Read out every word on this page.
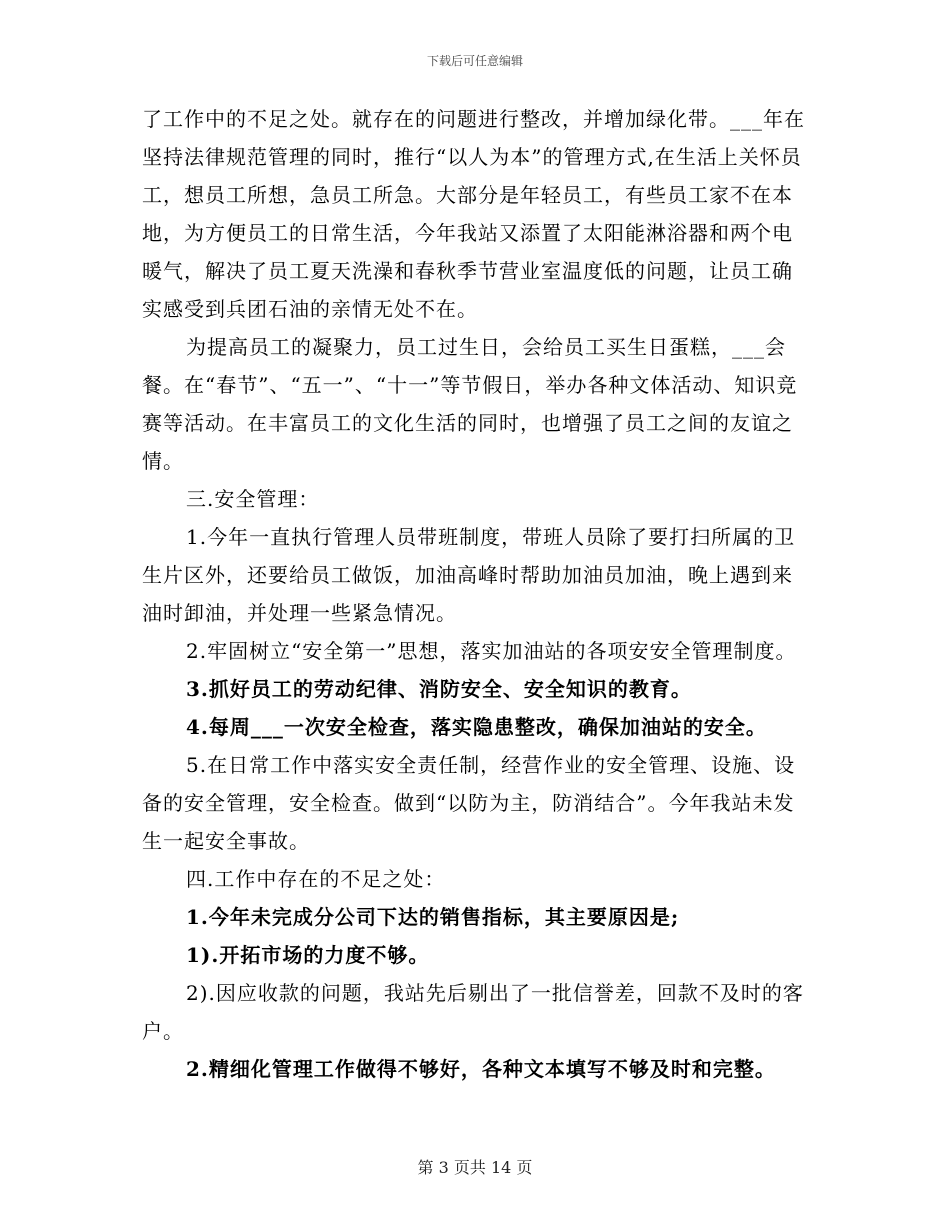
下载后可任意编辑

了工作中的不足之处。就存在的问题进行整改，并增加绿化带。___年在坚持法律规范管理的同时，推行“以人为本”的管理方式,在生活上关怀员工，想员工所想，急员工所急。大部分是年轻员工，有些员工家不在本地，为方便员工的日常生活，今年我站又添置了太阳能淋浴器和两个电暖气，解决了员工夏天洗澡和春秋季节营业室温度低的问题，让员工确实感受到兵团石油的亲情无处不在。

为提高员工的凝聚力，员工过生日，会给员工买生日蛋糕，___会餐。在“春节”、“五一”、“十一”等节假日，举办各种文体活动、知识竞赛等活动。在丰富员工的文化生活的同时，也增强了员工之间的友谊之情。

三.安全管理：

1.今年一直执行管理人员带班制度，带班人员除了要打扫所属的卫生片区外，还要给员工做饭，加油高峰时帮助加油员加油，晚上遇到来油时卸油，并处理一些紧急情况。

2.牢固树立“安全第一”思想，落实加油站的各项安安全管理制度。

3.抓好员工的劳动纪律、消防安全、安全知识的教育。

4.每周___一次安全检查，落实隐患整改，确保加油站的安全。

5.在日常工作中落实安全责任制，经营作业的安全管理、设施、设备的安全管理，安全检查。做到“以防为主，防消结合”。今年我站未发生一起安全事故。

四.工作中存在的不足之处：

1.今年未完成分公司下达的销售指标，其主要原因是;

1).开拓市场的力度不够。

2).因应收款的问题，我站先后剔出了一批信誉差，回款不及时的客户。

2.精细化管理工作做得不够好，各种文本填写不够及时和完整。

第 3 页共 14 页
